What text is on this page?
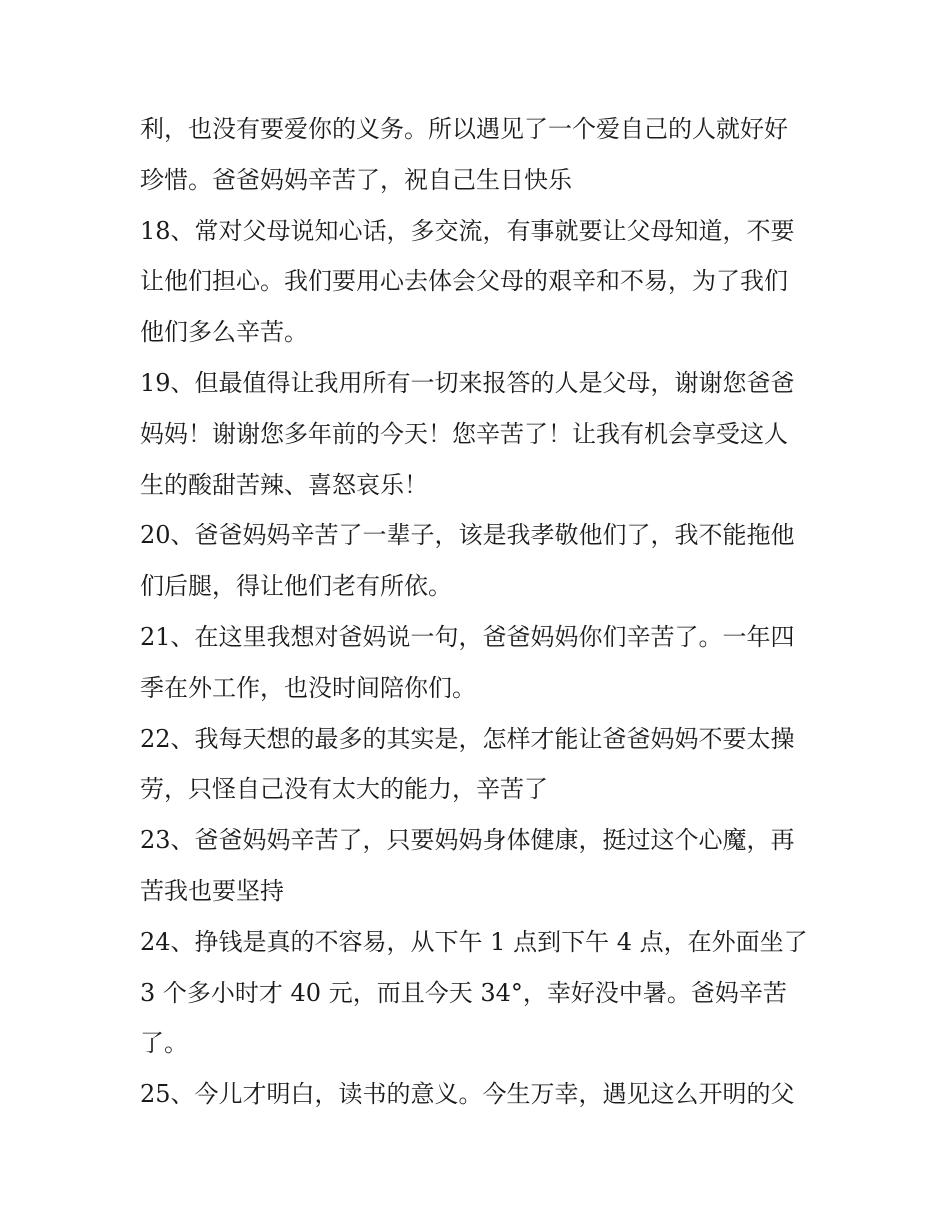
利，也没有要爱你的义务。所以遇见了一个爱自己的人就好好
珍惜。爸爸妈妈辛苦了，祝自己生日快乐
18、常对父母说知心话，多交流，有事就要让父母知道，不要
让他们担心。我们要用心去体会父母的艰辛和不易，为了我们
他们多么辛苦。
19、但最值得让我用所有一切来报答的人是父母，谢谢您爸爸
妈妈！谢谢您多年前的今天！您辛苦了！让我有机会享受这人
生的酸甜苦辣、喜怒哀乐！
20、爸爸妈妈辛苦了一辈子，该是我孝敬他们了，我不能拖他
们后腿，得让他们老有所依。
21、在这里我想对爸妈说一句，爸爸妈妈你们辛苦了。一年四
季在外工作，也没时间陪你们。
22、我每天想的最多的其实是，怎样才能让爸爸妈妈不要太操
劳，只怪自己没有太大的能力，辛苦了
23、爸爸妈妈辛苦了，只要妈妈身体健康，挺过这个心魔，再
苦我也要坚持
24、挣钱是真的不容易，从下午 1 点到下午 4 点，在外面坐了
3 个多小时才 40 元，而且今天 34°，幸好没中暑。爸妈辛苦
了。
25、今儿才明白，读书的意义。今生万幸，遇见这么开明的父
